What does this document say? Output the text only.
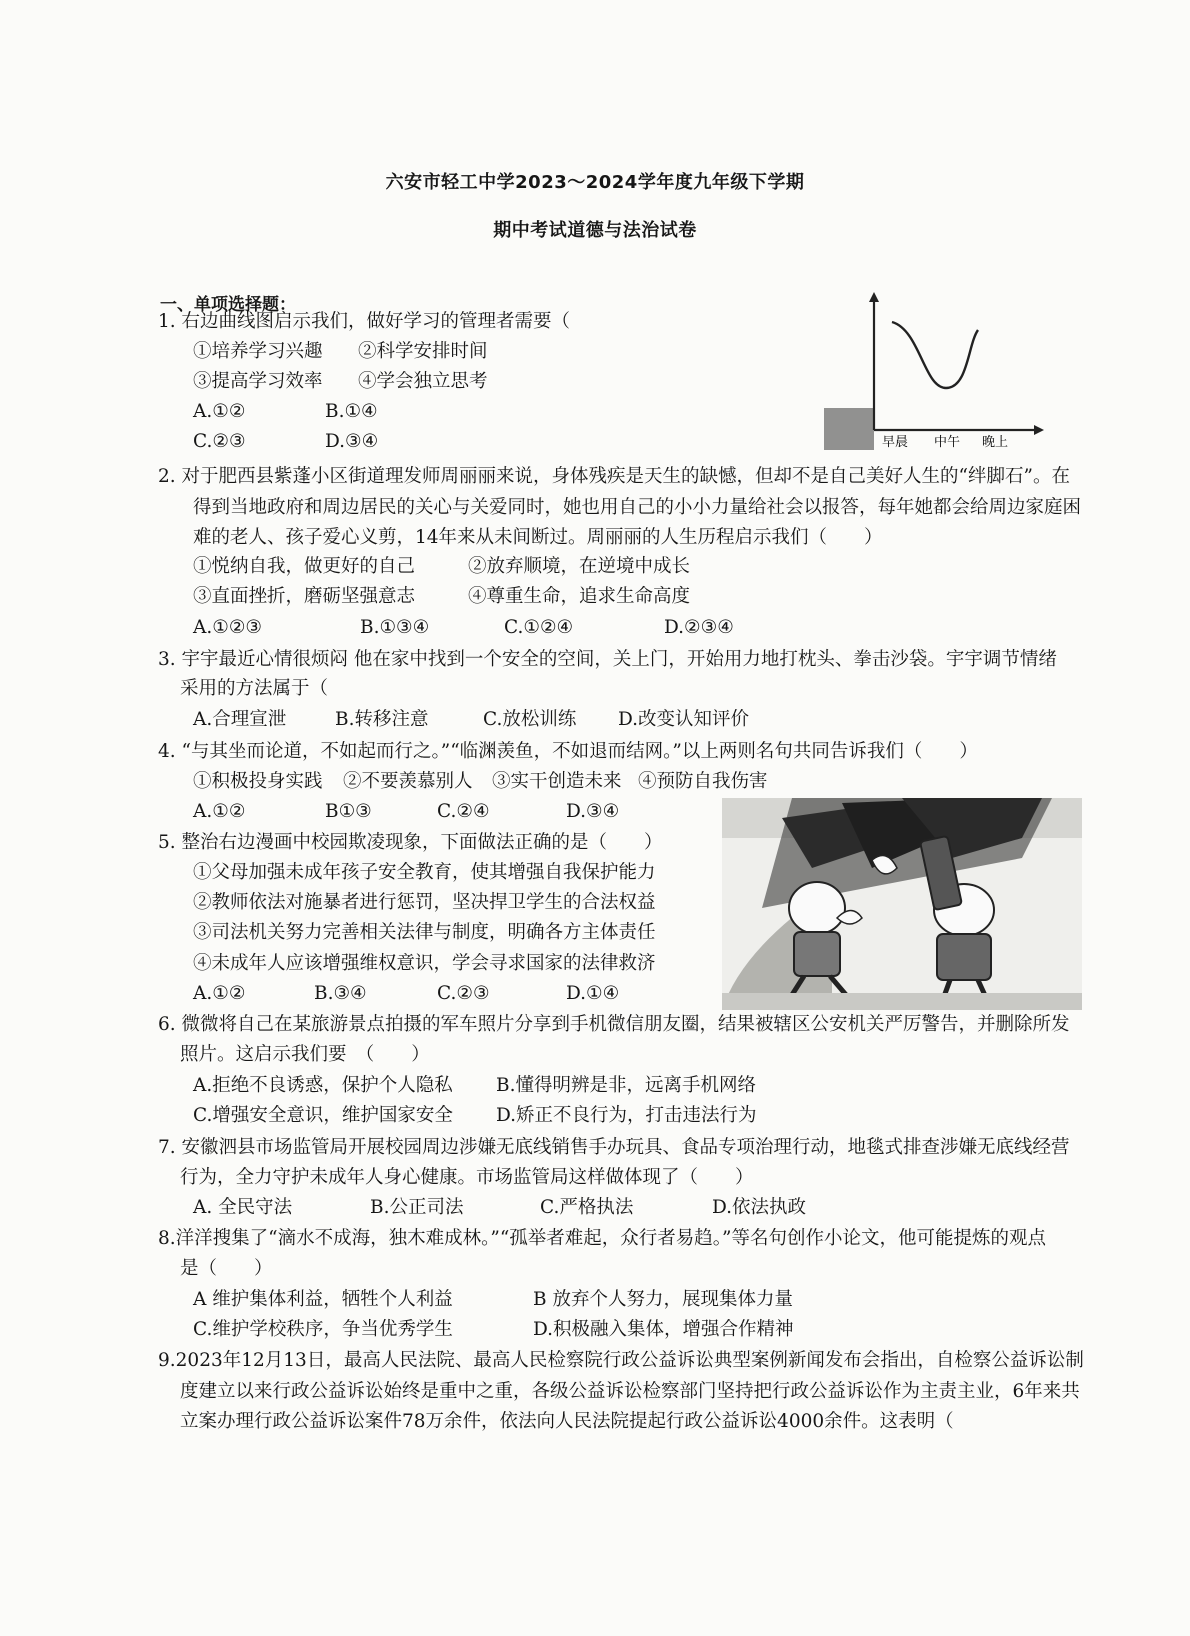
六安市轻工中学2023～2024学年度九年级下学期
期中考试道德与法治试卷
一、单项选择题：
1. 右边曲线图启示我们，做好学习的管理者需要（
①培养学习兴趣 ②科学安排时间
③提高学习效率 ④学会独立思考
A.①②	B.①④
C.②③	D.③④	早晨 中午 晚上
2. 对于肥西县紫蓬小区街道理发师周丽丽来说，身体残疾是天生的缺憾，但却不是自己美好人生的“绊脚石”。在
得到当地政府和周边居民的关心与关爱同时，她也用自己的小小力量给社会以报答，每年她都会给周边家庭困
难的老人、孩子爱心义剪，14年来从未间断过。周丽丽的人生历程启示我们（　　）
①悦纳自我，做更好的自己	②放弃顺境，在逆境中成长
③直面挫折，磨砺坚强意志	④尊重生命，追求生命高度
A.①②③	B.①③④	C.①②④	D.②③④
3. 宇宇最近心情很烦闷 他在家中找到一个安全的空间，关上门，开始用力地打枕头、拳击沙袋。宇宇调节情绪
采用的方法属于（
A.合理宣泄	B.转移注意	C.放松训练 D.改变认知评价
4. “与其坐而论道，不如起而行之。”“临渊羡鱼，不如退而结网。”以上两则名句共同告诉我们（　　）
①积极投身实践 ②不要羡慕别人 ③实干创造未来 ④预防自我伤害
A.①②	B①③	C.②④	D.③④
5. 整治右边漫画中校园欺凌现象，下面做法正确的是（　　）
①父母加强未成年孩子安全教育，使其增强自我保护能力
②教师依法对施暴者进行惩罚，坚决捍卫学生的合法权益
③司法机关努力完善相关法律与制度，明确各方主体责任
④未成年人应该增强维权意识，学会寻求国家的法律救济
A.①②	B.③④	C.②③	D.①④
6. 微微将自己在某旅游景点拍摄的军车照片分享到手机微信朋友圈，结果被辖区公安机关严厉警告，并删除所发
照片。这启示我们要　（　　）
A.拒绝不良诱惑，保护个人隐私 B.懂得明辨是非，远离手机网络
C.增强安全意识，维护国家安全 D.矫正不良行为，打击违法行为
7. 安徽泗县市场监管局开展校园周边涉嫌无底线销售手办玩具、食品专项治理行动，地毯式排查涉嫌无底线经营
行为，全力守护未成年人身心健康。市场监管局这样做体现了（　　）
A. 全民守法	B.公正司法	C.严格执法	D.依法执政
8.洋洋搜集了“滴水不成海，独木难成林。”“孤举者难起，众行者易趋。”等名句创作小论文，他可能提炼的观点
是（　　）
A 维护集体利益，牺牲个人利益	B 放弃个人努力，展现集体力量
C.维护学校秩序，争当优秀学生	D.积极融入集体，增强合作精神
9.2023年12月13日，最高人民法院、最高人民检察院行政公益诉讼典型案例新闻发布会指出，自检察公益诉讼制
度建立以来行政公益诉讼始终是重中之重，各级公益诉讼检察部门坚持把行政公益诉讼作为主责主业，6年来共
立案办理行政公益诉讼案件78万余件，依法向人民法院提起行政公益诉讼4000余件。这表明（
